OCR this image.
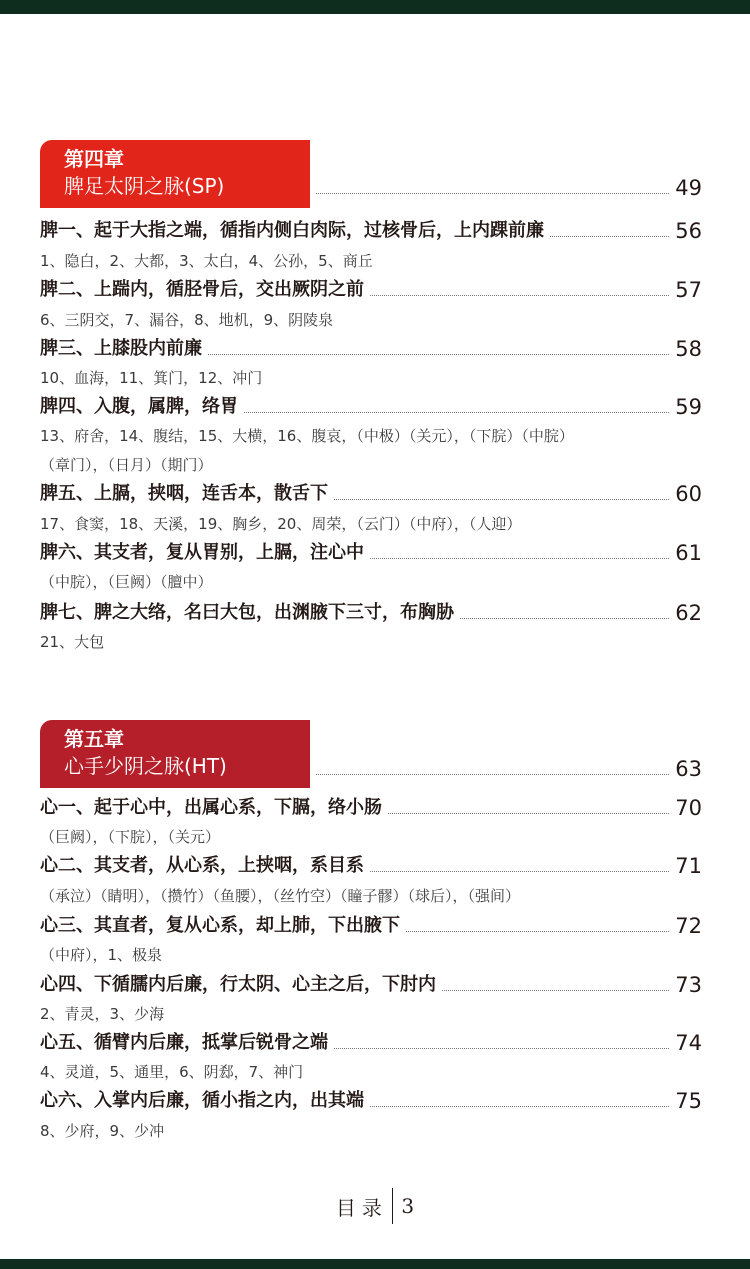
第四章
脾足太阴之脉(SP)	49
脾一、起于大指之端，循指内侧白肉际，过核骨后，上内踝前廉	56
1、隐白，2、大都，3、太白，4、公孙，5、商丘
脾二、上踹内，循胫骨后，交出厥阴之前	57
6、三阴交，7、漏谷，8、地机，9、阴陵泉
脾三、上膝股内前廉	58
10、血海，11、箕门，12、冲门
脾四、入腹，属脾，络胃	59
13、府舍，14、腹结，15、大横，16、腹哀，（中极）（关元），（下脘）（中脘）
（章门），（日月）（期门）
脾五、上膈，挟咽，连舌本，散舌下	60
17、食窦，18、天溪，19、胸乡，20、周荣，（云门）（中府），（人迎）
脾六、其支者，复从胃别，上膈，注心中	61
（中脘），（巨阙）（膻中）
脾七、脾之大络，名曰大包，出渊腋下三寸，布胸胁	62
21、大包
第五章
心手少阴之脉(HT)	63
心一、起于心中，出属心系，下膈，络小肠	70
（巨阙），（下脘），（关元）
心二、其支者，从心系，上挟咽，系目系	71
（承泣）（睛明），（攒竹）（鱼腰），（丝竹空）（瞳子髎）（球后），（强间）
心三、其直者，复从心系，却上肺，下出腋下	72
（中府），1、极泉
心四、下循臑内后廉，行太阴、心主之后，下肘内	73
2、青灵，3、少海
心五、循臂内后廉，抵掌后锐骨之端	74
4、灵道，5、通里，6、阴郄，7、神门
心六、入掌内后廉，循小指之内，出其端	75
8、少府，9、少冲
目录 3
